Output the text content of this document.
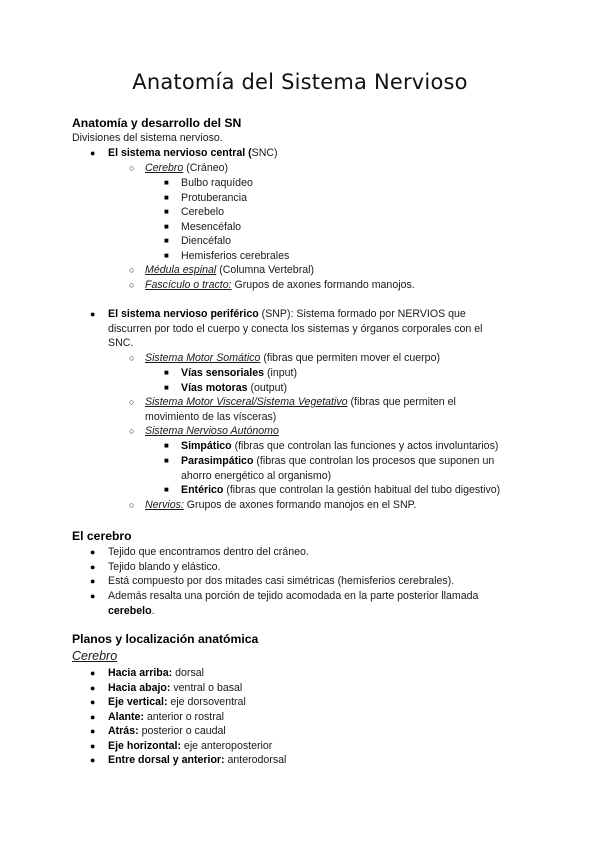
Anatomía del Sistema Nervioso
Anatomía y desarrollo del SN
Divisiones del sistema nervioso.
● El sistema nervioso central (SNC)
○ Cerebro (Cráneo)
■ Bulbo raquídeo
■ Protuberancia
■ Cerebelo
■ Mesencéfalo
■ Diencéfalo
■ Hemisferios cerebrales
○ Médula espinal (Columna Vertebral)
○ Fascículo o tracto: Grupos de axones formando manojos.
● El sistema nervioso periférico (SNP): Sistema formado por NERVIOS que
discurren por todo el cuerpo y conecta los sistemas y órganos corporales con el
SNC.
○ Sistema Motor Somático (fibras que permiten mover el cuerpo)
■ Vías sensoriales (input)
■ Vías motoras (output)
○ Sistema Motor Visceral/Sistema Vegetativo (fibras que permiten el
movimiento de las vísceras)
○ Sistema Nervioso Autónomo
■ Simpático (fibras que controlan las funciones y actos involuntarios)
■ Parasimpático (fibras que controlan los procesos que suponen un
ahorro energético al organismo)
■ Entérico (fibras que controlan la gestión habitual del tubo digestivo)
○ Nervios: Grupos de axones formando manojos en el SNP.
El cerebro
● Tejido que encontramos dentro del cráneo.
● Tejido blando y elástico.
● Está compuesto por dos mitades casi simétricas (hemisferios cerebrales).
● Además resalta una porción de tejido acomodada en la parte posterior llamada
cerebelo.
Planos y localización anatómica
Cerebro
● Hacia arriba: dorsal
● Hacia abajo: ventral o basal
● Eje vertical: eje dorsoventral
● Alante: anterior o rostral
● Atrás: posterior o caudal
● Eje horizontal: eje anteroposterior
● Entre dorsal y anterior: anterodorsal
